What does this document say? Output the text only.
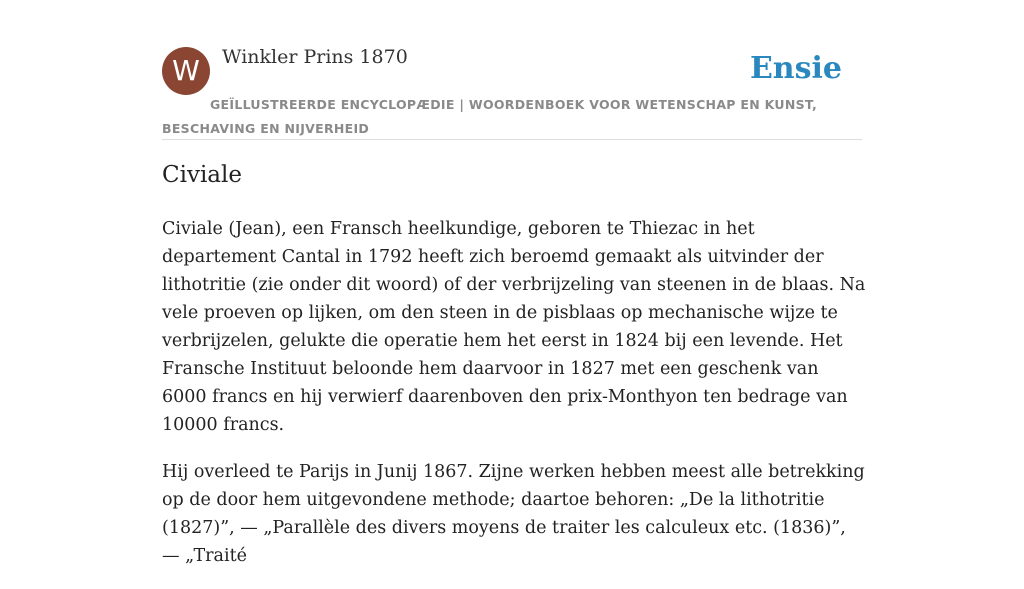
W	Winkler Prins 1870	Ensie
GEÏLLUSTREERDE ENCYCLOPÆDIE | WOORDENBOEK VOOR WETENSCHAP EN KUNST, BESCHAVING EN NIJVERHEID
Civiale

Civiale (Jean), een Fransch heelkundige, geboren te Thiezac in het departement Cantal in 1792 heeft zich beroemd gemaakt als uitvinder der lithotritie (zie onder dit woord) of der verbrijzeling van steenen in de blaas. Na vele proeven op lijken, om den steen in de pisblaas op mechanische wijze te verbrijzelen, gelukte die operatie hem het eerst in 1824 bij een levende. Het Fransche Instituut beloonde hem daarvoor in 1827 met een geschenk van 6000 francs en hij verwierf daarenboven den prix-Monthyon ten bedrage van 10000 francs.

Hij overleed te Parijs in Junij 1867. Zijne werken hebben meest alle betrekking op de door hem uitgevondene methode; daartoe behoren: „De la lithotritie (1827)”, — „Parallèle des divers moyens de traiter les calculeux etc. (1836)”, — „Traité
